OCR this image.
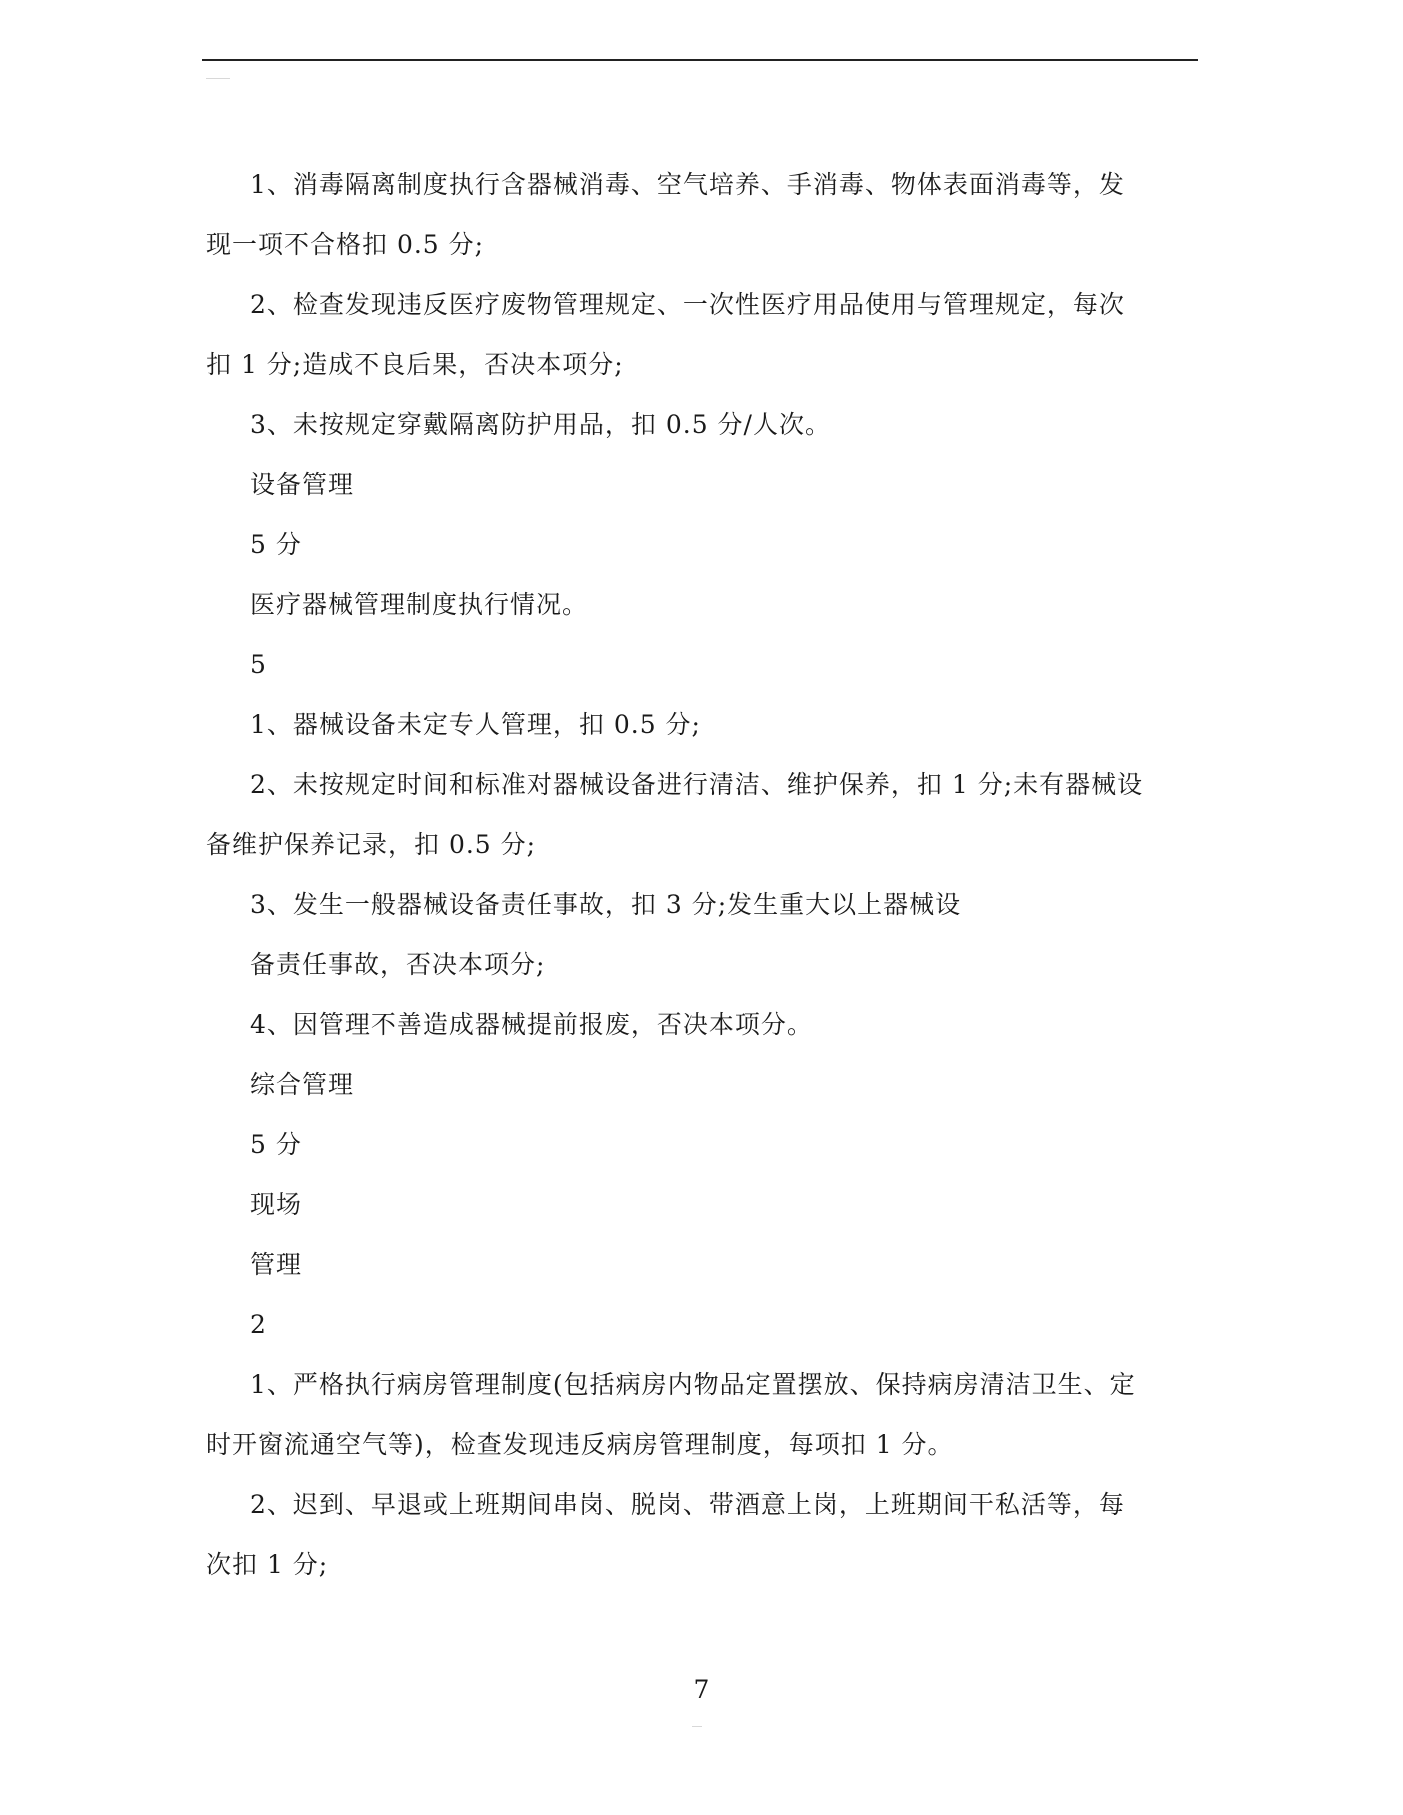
1、消毒隔离制度执行含器械消毒、空气培养、手消毒、物体表面消毒等，发
现一项不合格扣 0.5 分;
2、检查发现违反医疗废物管理规定、一次性医疗用品使用与管理规定，每次
扣 1 分;造成不良后果，否决本项分;
3、未按规定穿戴隔离防护用品，扣 0.5 分/人次。
设备管理
5 分
医疗器械管理制度执行情况。
5
1、器械设备未定专人管理，扣 0.5 分;
2、未按规定时间和标准对器械设备进行清洁、维护保养，扣 1 分;未有器械设
备维护保养记录，扣 0.5 分;
3、发生一般器械设备责任事故，扣 3 分;发生重大以上器械设
备责任事故，否决本项分;
4、因管理不善造成器械提前报废，否决本项分。
综合管理
5 分
现场
管理
2
1、严格执行病房管理制度(包括病房内物品定置摆放、保持病房清洁卫生、定
时开窗流通空气等)，检查发现违反病房管理制度，每项扣 1 分。
2、迟到、早退或上班期间串岗、脱岗、带酒意上岗，上班期间干私活等，每
次扣 1 分;
7
